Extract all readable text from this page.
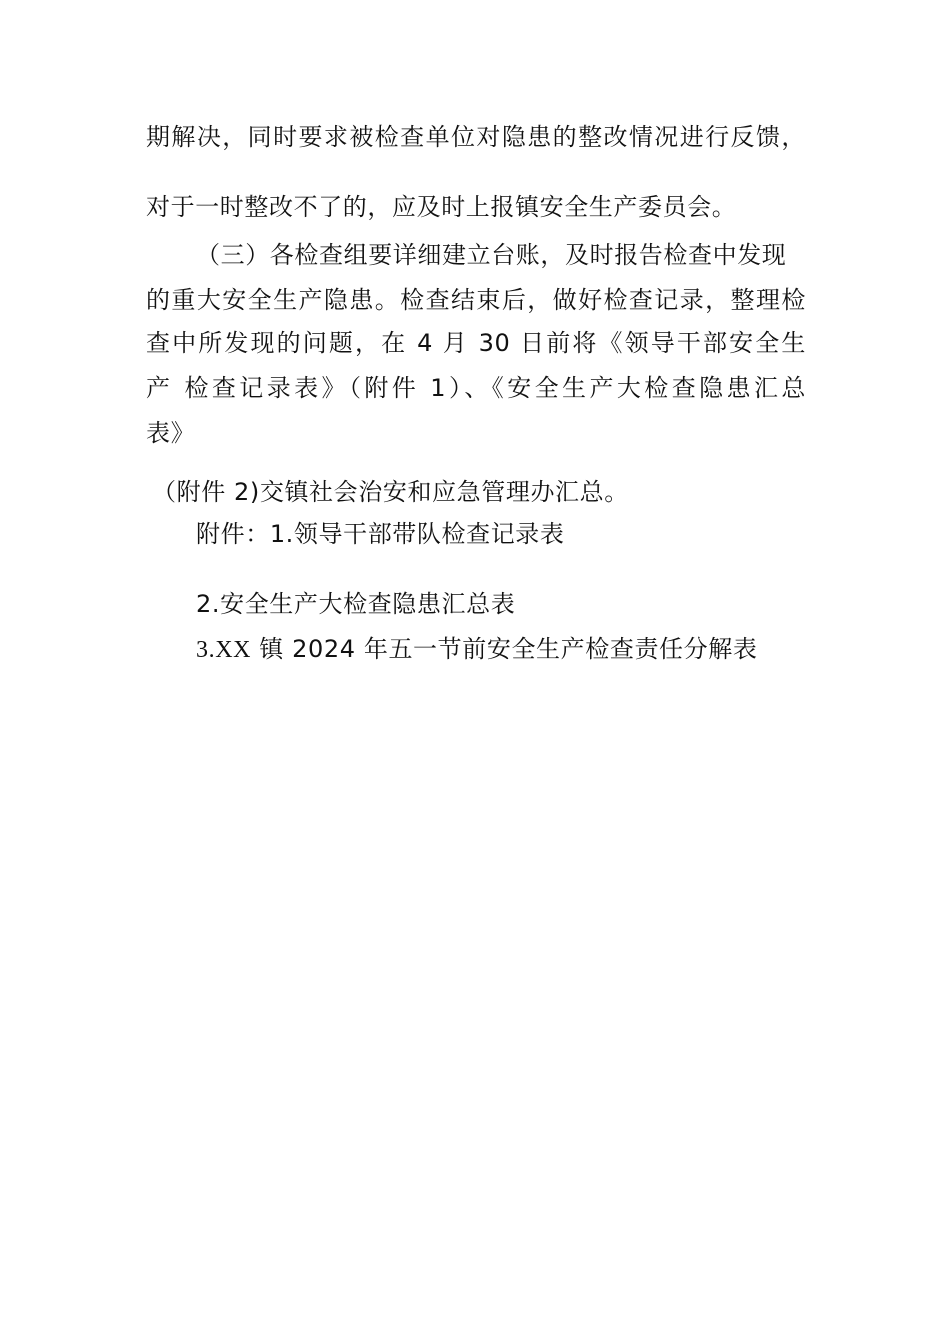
期解决，同时要求被检查单位对隐患的整改情况进行反馈，
对于一时整改不了的，应及时上报镇安全生产委员会。
（三）各检查组要详细建立台账，及时报告检查中发现
的重大安全生产隐患。检查结束后，做好检查记录，整理检
查中所发现的问题，在 4 月 30 日前将《领导干部安全生
产 检查记录表》（附件 1）、《安全生产大检查隐患汇总
表》
（附件 2)交镇社会治安和应急管理办汇总。
附件：1.领导干部带队检查记录表
2.安全生产大检查隐患汇总表
3.XX 镇 2024 年五一节前安全生产检查责任分解表
